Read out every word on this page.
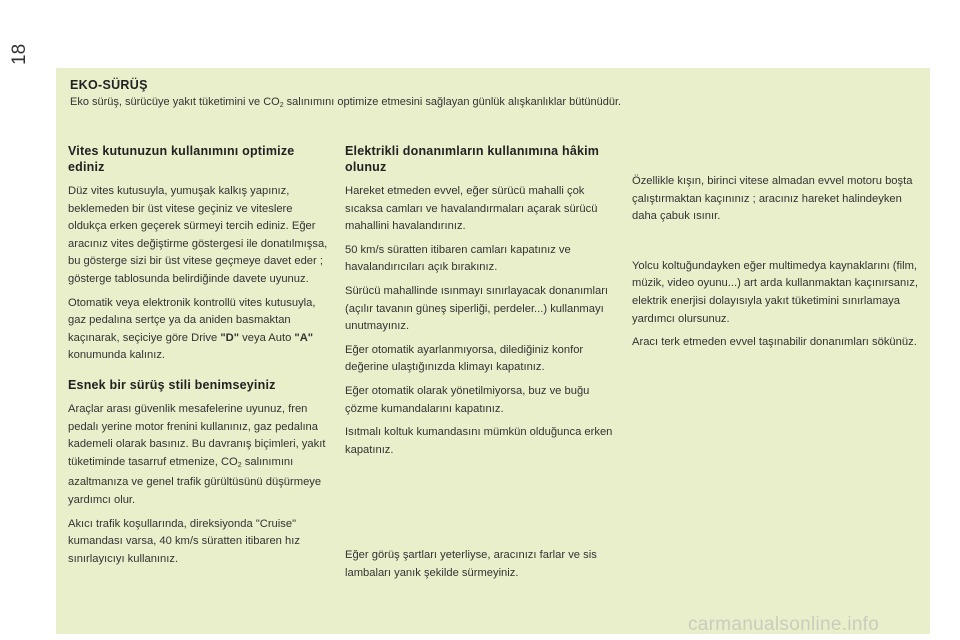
18
EKO-SÜRÜŞ
Eko sürüş, sürücüye yakıt tüketimini ve $CO_2$ salınımını optimize etmesini sağlayan günlük alışkanlıklar bütünüdür.
Vites kutunuzun kullanımını optimize ediniz

Düz vites kutusuyla, yumuşak kalkış yapınız, beklemeden bir üst vitese geçiniz ve viteslere oldukça erken geçerek sürmeyi tercih ediniz. Eğer aracınız vites değiştirme göstergesi ile donatılmışsa, bu gösterge sizi bir üst vitese geçmeye davet eder ; gösterge tablosunda belirdiğinde davete uyunuz.

Otomatik veya elektronik kontrollü vites kutusuyla, gaz pedalına sertçe ya da aniden basmaktan kaçınarak, seçiciye göre Drive "D" veya Auto "A" konumunda kalınız.

Esnek bir sürüş stili benimseyiniz

Araçlar arası güvenlik mesafelerine uyunuz, fren pedalı yerine motor frenini kullanınız, gaz pedalına kademeli olarak basınız. Bu davranış biçimleri, yakıt tüketiminde tasarruf etmenize, $CO_2$ salınımını azaltmanıza ve genel trafik gürültüsünü düşürmeye yardımcı olur.

Akıcı trafik koşullarında, direksiyonda "Cruise" kumandası varsa, 40 km/s süratten itibaren hız sınırlayıcıyı kullanınız.

Elektrikli donanımların kullanımına hâkim olunuz

Hareket etmeden evvel, eğer sürücü mahalli çok sıcaksa camları ve havalandırmaları açarak sürücü mahallini havalandırınız.

50 km/s süratten itibaren camları kapatınız ve havalandırıcıları açık bırakınız.

Sürücü mahallinde ısınmayı sınırlayacak donanımları (açılır tavanın güneş siperliği, perdeler...) kullanmayı unutmayınız.

Eğer otomatik ayarlanmıyorsa, dilediğiniz konfor değerine ulaştığınızda klimayı kapatınız.

Eğer otomatik olarak yönetilmiyorsa, buz ve buğu çözme kumandalarını kapatınız.

Isıtmalı koltuk kumandasını mümkün olduğunca erken kapatınız.

Eğer görüş şartları yeterliyse, aracınızı farlar ve sis lambaları yanık şekilde sürmeyiniz.

Özellikle kışın, birinci vitese almadan evvel motoru boşta çalıştırmaktan kaçınınız ; aracınız hareket halindeyken daha çabuk ısınır.

Yolcu koltuğundayken eğer multimedya kaynaklarını (film, müzik, video oyunu...) art arda kullanmaktan kaçınırsanız, elektrik enerjisi dolayısıyla yakıt tüketimini sınırlamaya yardımcı olursunuz.

Aracı terk etmeden evvel taşınabilir donanımları sökünüz.

carmanualsonline.info
